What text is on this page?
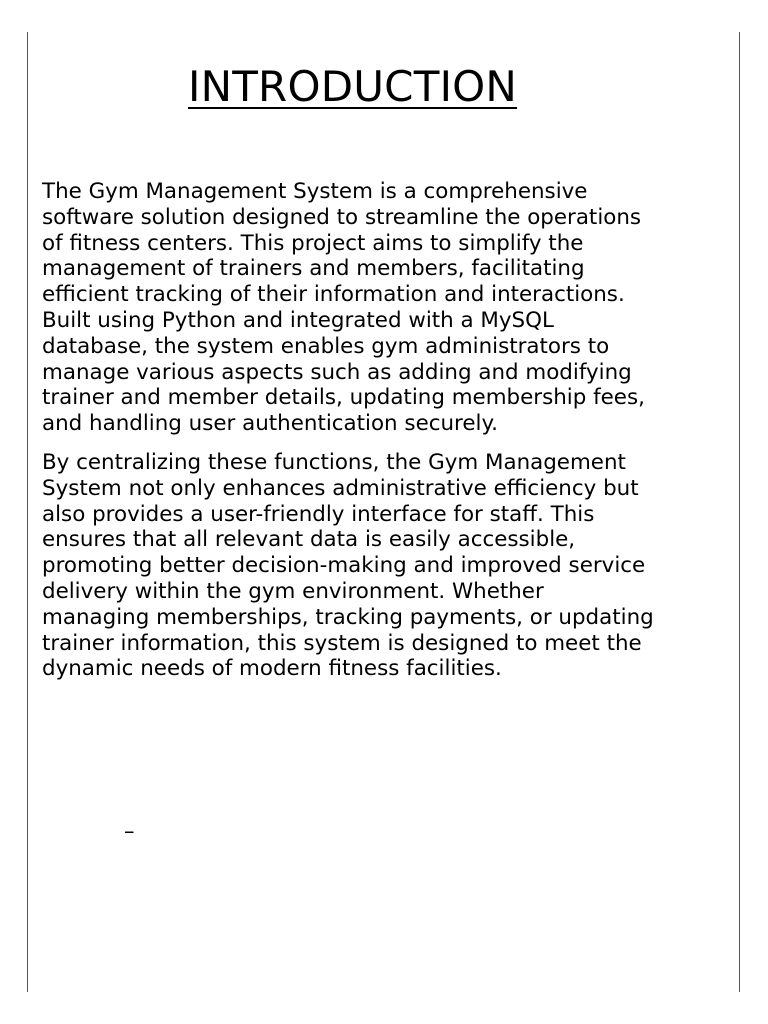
INTRODUCTION

The Gym Management System is a comprehensive
software solution designed to streamline the operations
of fitness centers. This project aims to simplify the
management of trainers and members, facilitating
efficient tracking of their information and interactions.
Built using Python and integrated with a MySQL
database, the system enables gym administrators to
manage various aspects such as adding and modifying
trainer and member details, updating membership fees,
and handling user authentication securely.

By centralizing these functions, the Gym Management
System not only enhances administrative efficiency but
also provides a user-friendly interface for staff. This
ensures that all relevant data is easily accessible,
promoting better decision-making and improved service
delivery within the gym environment. Whether
managing memberships, tracking payments, or updating
trainer information, this system is designed to meet the
dynamic needs of modern fitness facilities.

–
